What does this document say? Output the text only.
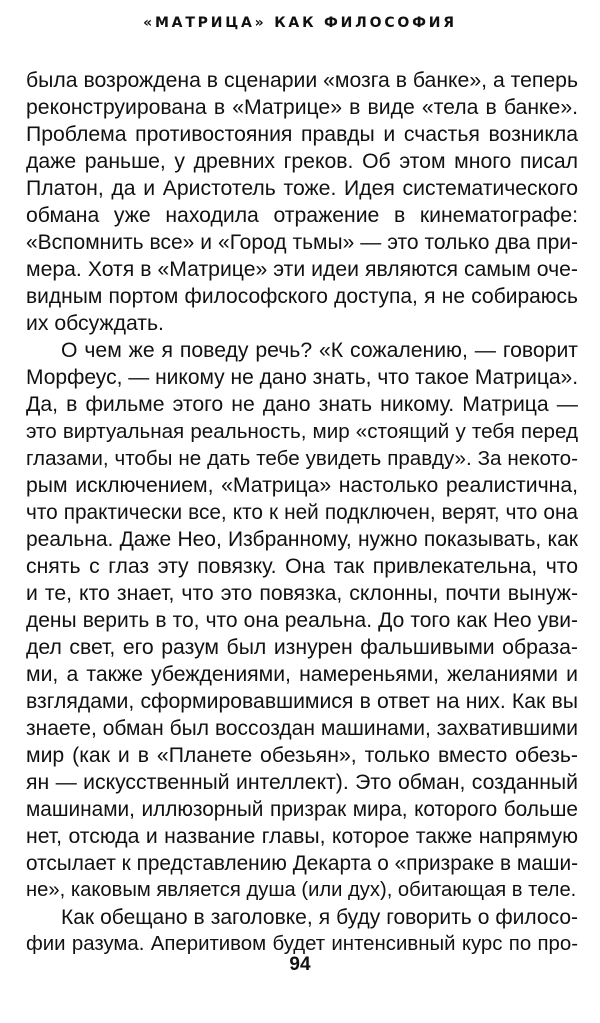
«МАТРИЦА» КАК ФИЛОСОФИЯ
была возрождена в сценарии «мозга в банке», а теперь
реконструирована в «Матрице» в виде «тела в банке».
Проблема противостояния правды и счастья возникла
даже раньше, у древних греков. Об этом много писал
Платон, да и Аристотель тоже. Идея систематического
обмана уже находила отражение в кинематографе:
«Вспомнить все» и «Город тьмы» — это только два при-
мера. Хотя в «Матрице» эти идеи являются самым оче-
видным портом философского доступа, я не собираюсь
их обсуждать.
О чем же я поведу речь? «К сожалению, — говорит
Морфеус, — никому не дано знать, что такое Матрица».
Да, в фильме этого не дано знать никому. Матрица —
это виртуальная реальность, мир «стоящий у тебя перед
глазами, чтобы не дать тебе увидеть правду». За некото-
рым исключением, «Матрица» настолько реалистична,
что практически все, кто к ней подключен, верят, что она
реальна. Даже Нео, Избранному, нужно показывать, как
снять с глаз эту повязку. Она так привлекательна, что
и те, кто знает, что это повязка, склонны, почти вынуж-
дены верить в то, что она реальна. До того как Нео уви-
дел свет, его разум был изнурен фальшивыми образа-
ми, а также убеждениями, намереньями, желаниями и
взглядами, сформировавшимися в ответ на них. Как вы
знаете, обман был воссоздан машинами, захватившими
мир (как и в «Планете обезьян», только вместо обезь-
ян — искусственный интеллект). Это обман, созданный
машинами, иллюзорный призрак мира, которого больше
нет, отсюда и название главы, которое также напрямую
отсылает к представлению Декарта о «призраке в маши-
не», каковым является душа (или дух), обитающая в теле.
Как обещано в заголовке, я буду говорить о филосо-
фии разума. Аперитивом будет интенсивный курс по про-
94
